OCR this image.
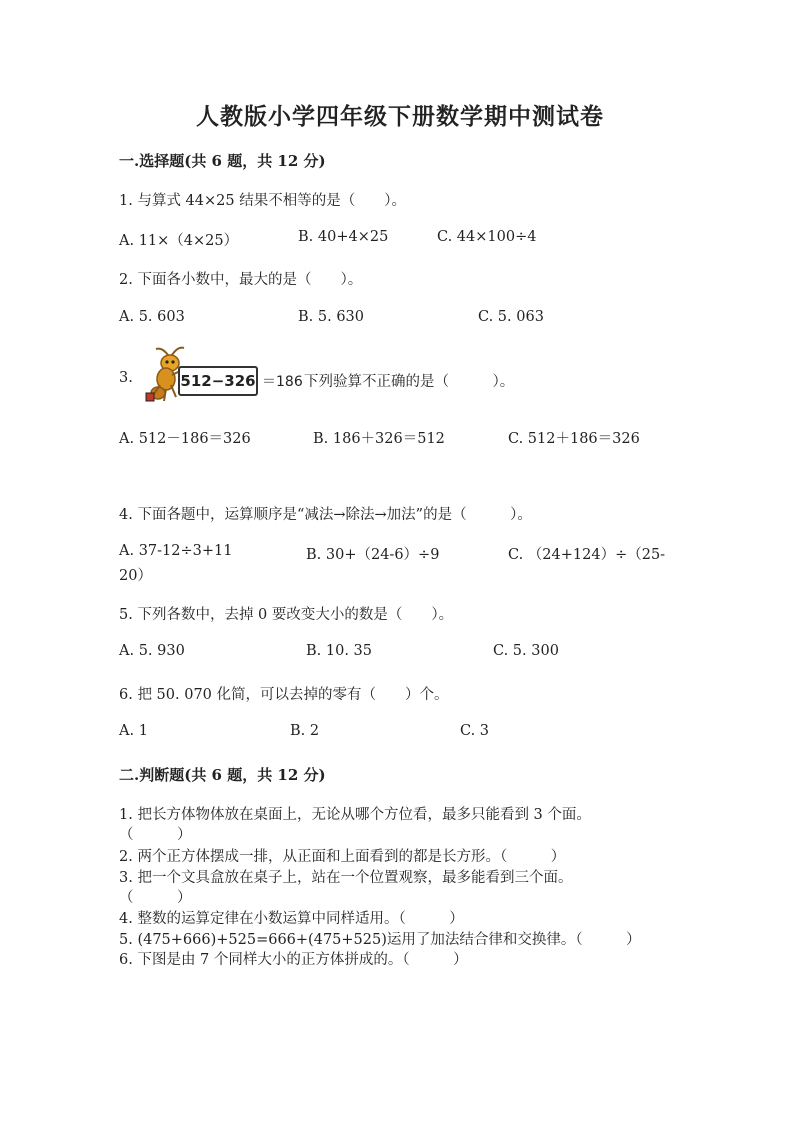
人教版小学四年级下册数学期中测试卷
一.选择题(共 6 题，共 12 分)
1. 与算式 44×25 结果不相等的是（　　）。
A. 11×（4×25）	B. 40+4×25	C. 44×100÷4
2. 下面各小数中，最大的是（　　）。
A. 5. 603	B. 5. 630	C. 5. 063
3.	512−326 ＝186 下列验算不正确的是（　　　）。
A. 512－186＝326	B. 186＋326＝512	C. 512＋186＝326
4. 下面各题中，运算顺序是“减法→除法→加法”的是（　　　）。
A. 37-12÷3+11	B. 30+（24-6）÷9	C. （24+124）÷（25-
20）
5. 下列各数中，去掉 0 要改变大小的数是（　　）。
A. 5. 930	B. 10. 35	C. 5. 300
6. 把 50. 070 化简，可以去掉的零有（　　）个。
A. 1	B. 2	C. 3
二.判断题(共 6 题，共 12 分)
1. 把长方体物体放在桌面上，无论从哪个方位看，最多只能看到 3 个面。
（　　　）
2. 两个正方体摆成一排，从正面和上面看到的都是长方形。（　　　）
3. 把一个文具盒放在桌子上，站在一个位置观察，最多能看到三个面。
（　　　）
4. 整数的运算定律在小数运算中同样适用。（　　　）
5. (475+666)+525=666+(475+525)运用了加法结合律和交换律。（　　　）
6. 下图是由 7 个同样大小的正方体拼成的。（　　　）
